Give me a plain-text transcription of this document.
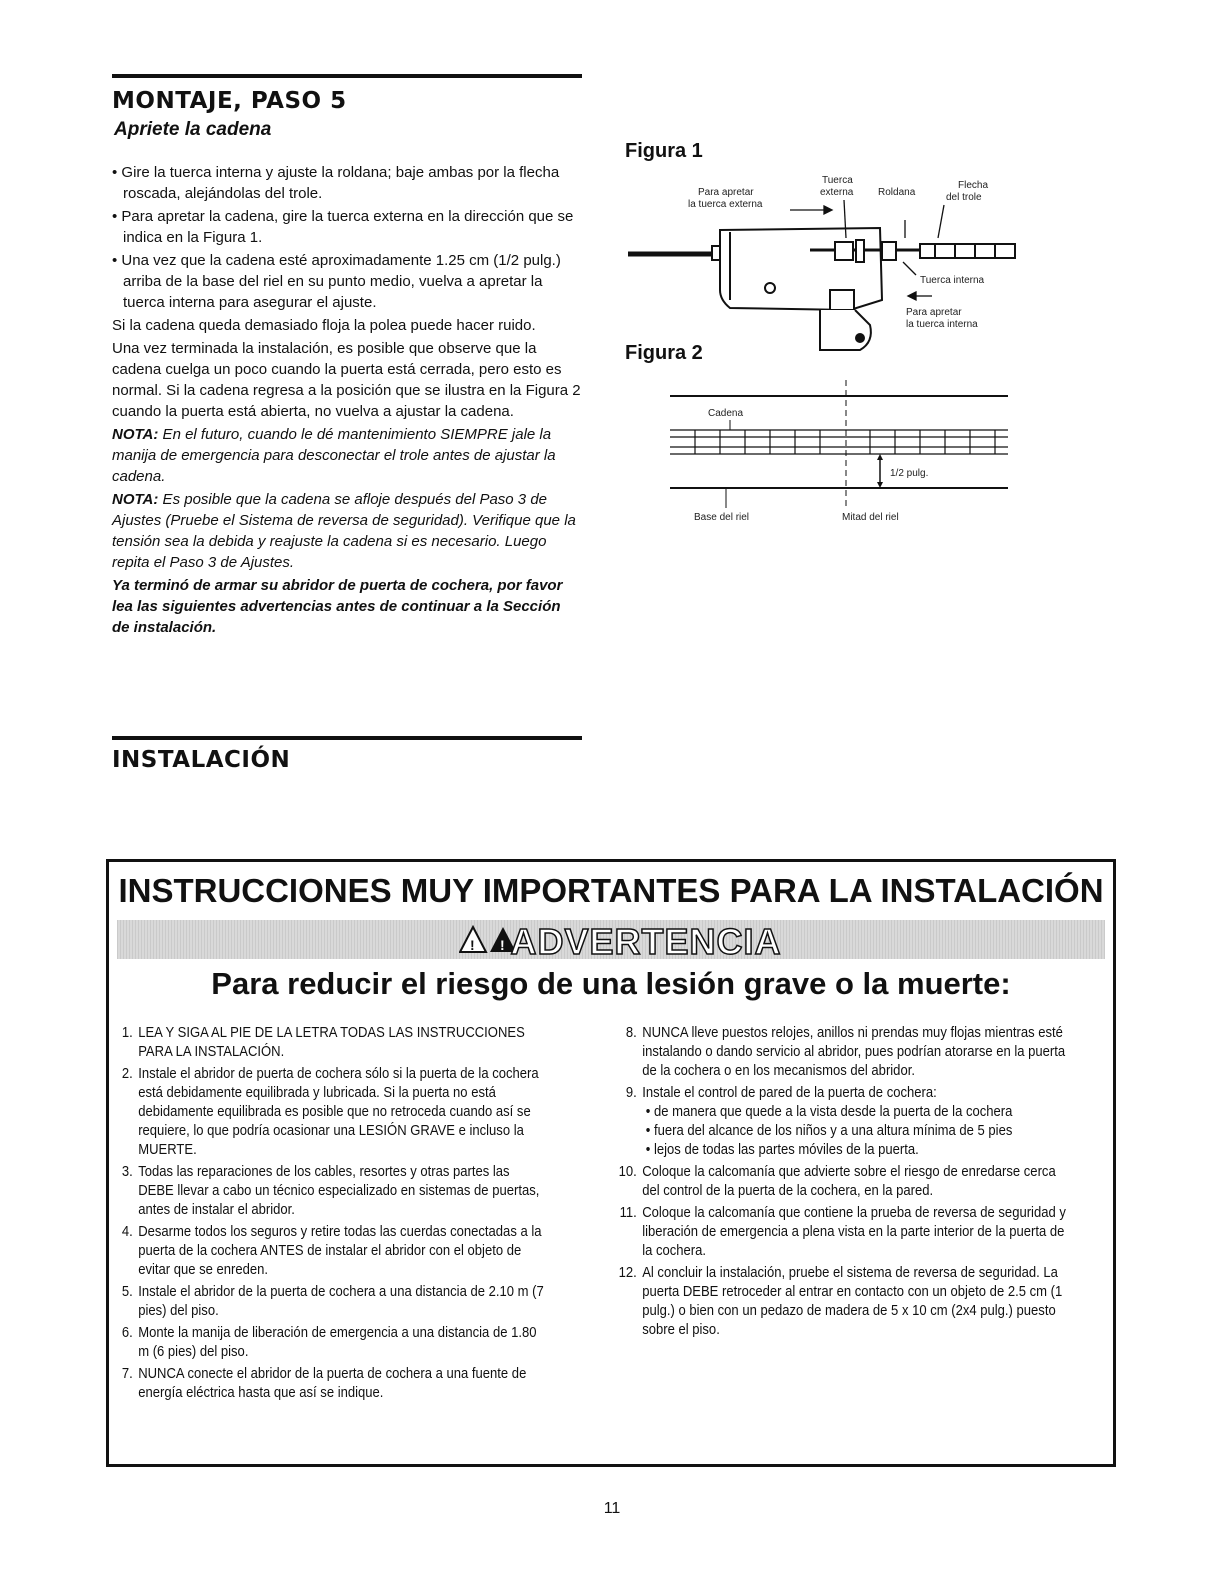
MONTAJE, PASO 5
Apriete la cadena

• Gire la tuerca interna y ajuste la roldana; baje ambas por la flecha roscada, alejándolas del trole.

• Para apretar la cadena, gire la tuerca externa en la dirección que se indica en la Figura 1.

• Una vez que la cadena esté aproximadamente 1.25 cm (1/2 pulg.) arriba de la base del riel en su punto medio, vuelva a apretar la tuerca interna para asegurar el ajuste.

Si la cadena queda demasiado floja la polea puede hacer ruido.

Una vez terminada la instalación, es posible que observe que la cadena cuelga un poco cuando la puerta está cerrada, pero esto es normal. Si la cadena regresa a la posición que se ilustra en la Figura 2 cuando la puerta está abierta, no vuelva a ajustar la cadena.

NOTA: En el futuro, cuando le dé mantenimiento SIEMPRE jale la manija de emergencia para desconectar el trole antes de ajustar la cadena.

NOTA: Es posible que la cadena se afloje después del Paso 3 de Ajustes (Pruebe el Sistema de reversa de seguridad). Verifique que la tensión sea la debida y reajuste la cadena si es necesario. Luego repita el Paso 3 de Ajustes.

Ya terminó de armar su abridor de puerta de cochera, por favor lea las siguientes advertencias antes de continuar a la Sección de instalación.

Figura 1
Tuerca
externa Roldana
Flecha
del trole
Para apretar
la tuerca externa
Tuerca interna
Para apretar
la tuerca interna
Figura 2
Cadena
1/2 pulg.
Base del riel	Mitad del riel
INSTALACIÓN
INSTRUCCIONES MUY IMPORTANTES PARA LA INSTALACIÓN
! ! ADVERTENCIA
Para reducir el riesgo de una lesión grave o la muerte:
1. LEA Y SIGA AL PIE DE LA LETRA TODAS LAS INSTRUCCIONES PARA LA INSTALACIÓN.
2. Instale el abridor de puerta de cochera sólo si la puerta de la cochera está debidamente equilibrada y lubricada. Si la puerta no está debidamente equilibrada es posible que no retroceda cuando así se requiere, lo que podría ocasionar una LESIÓN GRAVE e incluso la MUERTE.
3. Todas las reparaciones de los cables, resortes y otras partes las DEBE llevar a cabo un técnico especializado en sistemas de puertas, antes de instalar el abridor.
4. Desarme todos los seguros y retire todas las cuerdas conectadas a la puerta de la cochera ANTES de instalar el abridor con el objeto de evitar que se enreden.
5. Instale el abridor de la puerta de cochera a una distancia de 2.10 m (7 pies) del piso.
6. Monte la manija de liberación de emergencia a una distancia de 1.80 m (6 pies) del piso.
7. NUNCA conecte el abridor de la puerta de cochera a una fuente de energía eléctrica hasta que así se indique.
8. NUNCA lleve puestos relojes, anillos ni prendas muy flojas mientras esté instalando o dando servicio al abridor, pues podrían atorarse en la puerta de la cochera o en los mecanismos del abridor.
9. Instale el control de pared de la puerta de cochera:
• de manera que quede a la vista desde la puerta de la cochera
• fuera del alcance de los niños y a una altura mínima de 5 pies
• lejos de todas las partes móviles de la puerta.
10. Coloque la calcomanía que advierte sobre el riesgo de enredarse cerca del control de la puerta de la cochera, en la pared.
11. Coloque la calcomanía que contiene la prueba de reversa de seguridad y liberación de emergencia a plena vista en la parte interior de la puerta de la cochera.
12. Al concluir la instalación, pruebe el sistema de reversa de seguridad. La puerta DEBE retroceder al entrar en contacto con un objeto de 2.5 cm (1 pulg.) o bien con un pedazo de madera de 5 x 10 cm (2x4 pulg.) puesto sobre el piso.
11
